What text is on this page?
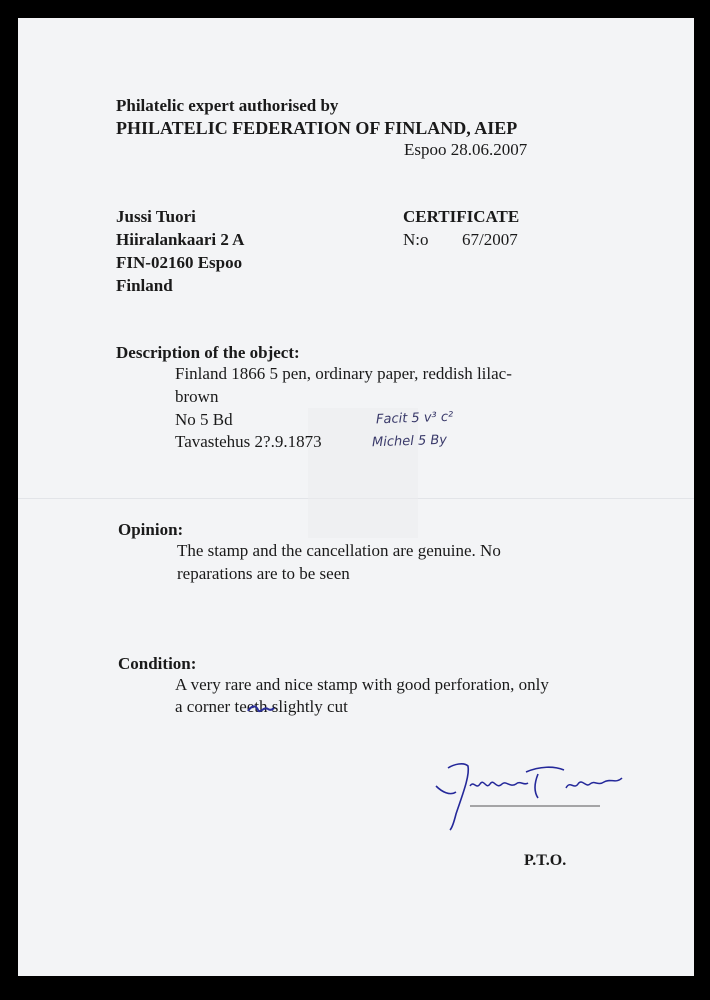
Philatelic expert authorised by
PHILATELIC FEDERATION OF FINLAND, AIEP
Espoo 28.06.2007
Jussi Tuori
Hiiralankaari 2 A
FIN-02160 Espoo
Finland
CERTIFICATE
N:o 67/2007
Description of the object:
Finland 1866 5 pen, ordinary paper, reddish lilac-
brown
No 5 Bd
Tavastehus 2?.9.1873
Facit 5 v³ c²
Michel 5 By
Opinion:
The stamp and the cancellation are genuine. No
reparations are to be seen
Condition:
A very rare and nice stamp with good perforation, only
a corner teeth slightly cut
P.T.O.
